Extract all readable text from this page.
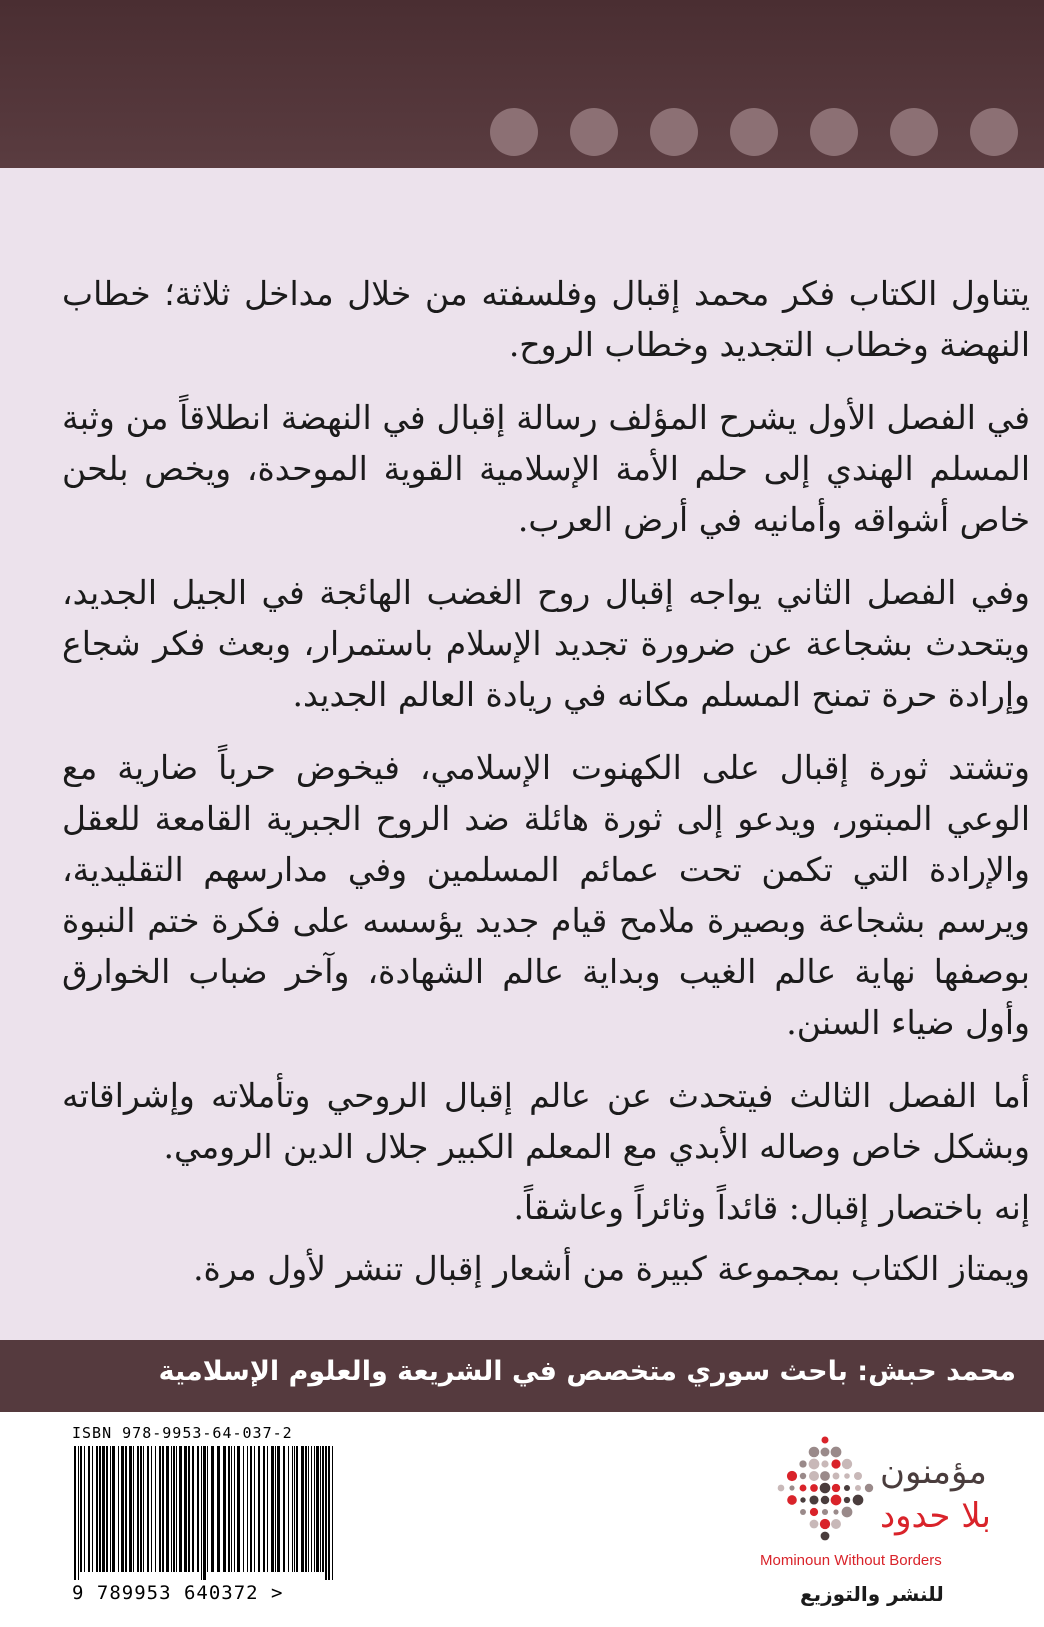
يتناول الكتاب فكر محمد إقبال وفلسفته من خلال مداخل ثلاثة؛ خطاب النهضة وخطاب التجديد وخطاب الروح.

في الفصل الأول يشرح المؤلف رسالة إقبال في النهضة انطلاقاً من وثبة المسلم الهندي إلى حلم الأمة الإسلامية القوية الموحدة، ويخص بلحن خاص أشواقه وأمانيه في أرض العرب.

وفي الفصل الثاني يواجه إقبال روح الغضب الهائجة في الجيل الجديد، ويتحدث بشجاعة عن ضرورة تجديد الإسلام باستمرار، وبعث فكر شجاع وإرادة حرة تمنح المسلم مكانه في ريادة العالم الجديد.

وتشتد ثورة إقبال على الكهنوت الإسلامي، فيخوض حرباً ضارية مع الوعي المبتور، ويدعو إلى ثورة هائلة ضد الروح الجبرية القامعة للعقل والإرادة التي تكمن تحت عمائم المسلمين وفي مدارسهم التقليدية، ويرسم بشجاعة وبصيرة ملامح قيام جديد يؤسسه على فكرة ختم النبوة بوصفها نهاية عالم الغيب وبداية عالم الشهادة، وآخر ضباب الخوارق وأول ضياء السنن.

أما الفصل الثالث فيتحدث عن عالم إقبال الروحي وتأملاته وإشراقاته وبشكل خاص وصاله الأبدي مع المعلم الكبير جلال الدين الرومي.

إنه باختصار إقبال: قائداً وثائراً وعاشقاً.

ويمتاز الكتاب بمجموعة كبيرة من أشعار إقبال تنشر لأول مرة.

محمد حبش: باحث سوري متخصص في الشريعة والعلوم الإسلامية
ISBN 978-9953-64-037-2
9 789953 640372 >
مؤمنون
بلا حدود
Mominoun Without Borders
للنشر والتوزيع
